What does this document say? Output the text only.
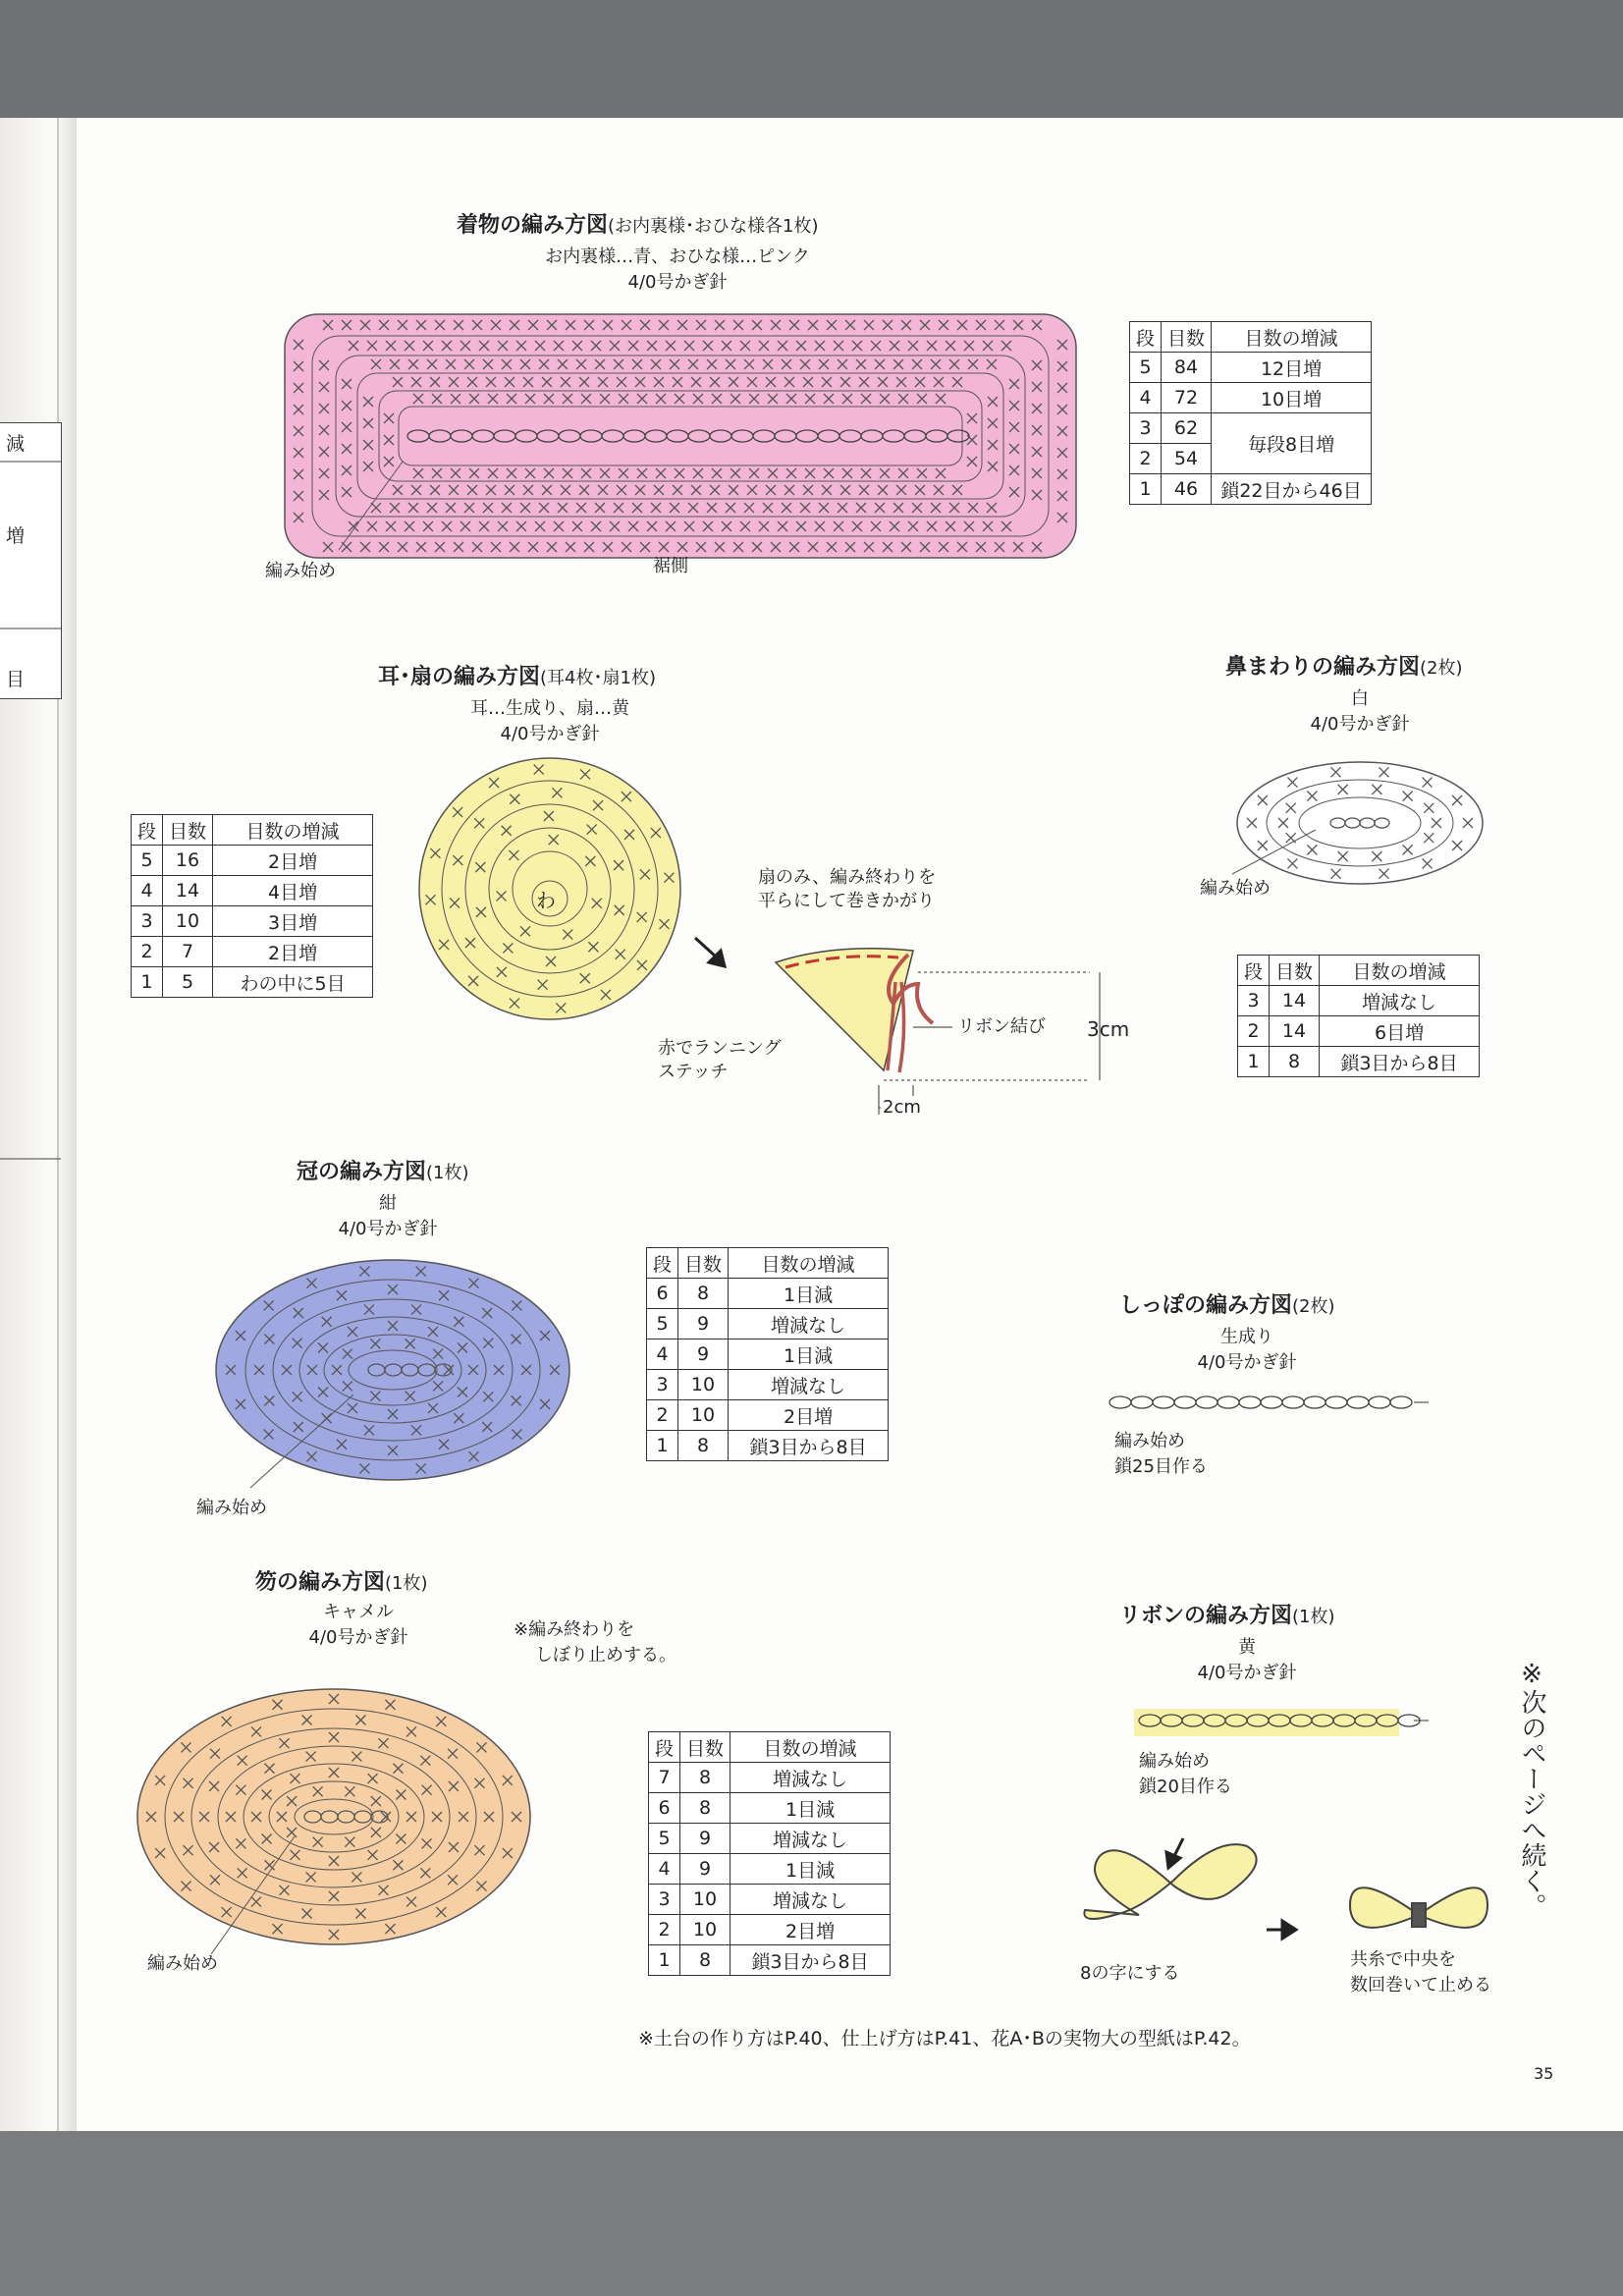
減
増
目
着物の編み方図(お内裏様･おひな様各1枚)
お内裏様…青、おひな様…ピンク
4/0号かぎ針
編み始め	裾側
段	目数	目数の増減
5	84	12目増
4	72	10目増
3	62	毎段8目増
2	54	
1	46	鎖22目から46目
耳･扇の編み方図(耳4枚･扇1枚)
耳…生成り、扇…黄
4/0号かぎ針
わ
段	目数	目数の増減
5	16	2目増
4	14	4目増
3	10	3目増
2	7	2目増
1	5	わの中に5目
扇のみ、編み終わりを
平らにして巻きかがり
リボン結び
赤でランニング
ステッチ
3cm
2cm
鼻まわりの編み方図(2枚)
白
4/0号かぎ針
編み始め
段	目数	目数の増減
3	14	増減なし
2	14	6目増
1	8	鎖3目から8目
冠の編み方図(1枚)
紺
4/0号かぎ針
編み始め
段	目数	目数の増減
6	8	1目減
5	9	増減なし
4	9	1目減
3	10	増減なし
2	10	2目増
1	8	鎖3目から8目
しっぽの編み方図(2枚)
生成り
4/0号かぎ針
編み始め
鎖25目作る
笏の編み方図(1枚)
キャメル
4/0号かぎ針	※編み終わりを
しぼり止めする。
編み始め
段	目数	目数の増減
7	8	増減なし
6	8	1目減
5	9	増減なし
4	9	1目減
3	10	増減なし
2	10	2目増
1	8	鎖3目から8目
リボンの編み方図(1枚)
黄
4/0号かぎ針
編み始め
鎖20目作る
8の字にする
共糸で中央を
数回巻いて止める
※次のページへ続く。
※土台の作り方はP.40、仕上げ方はP.41、花A･Bの実物大の型紙はP.42。
35
